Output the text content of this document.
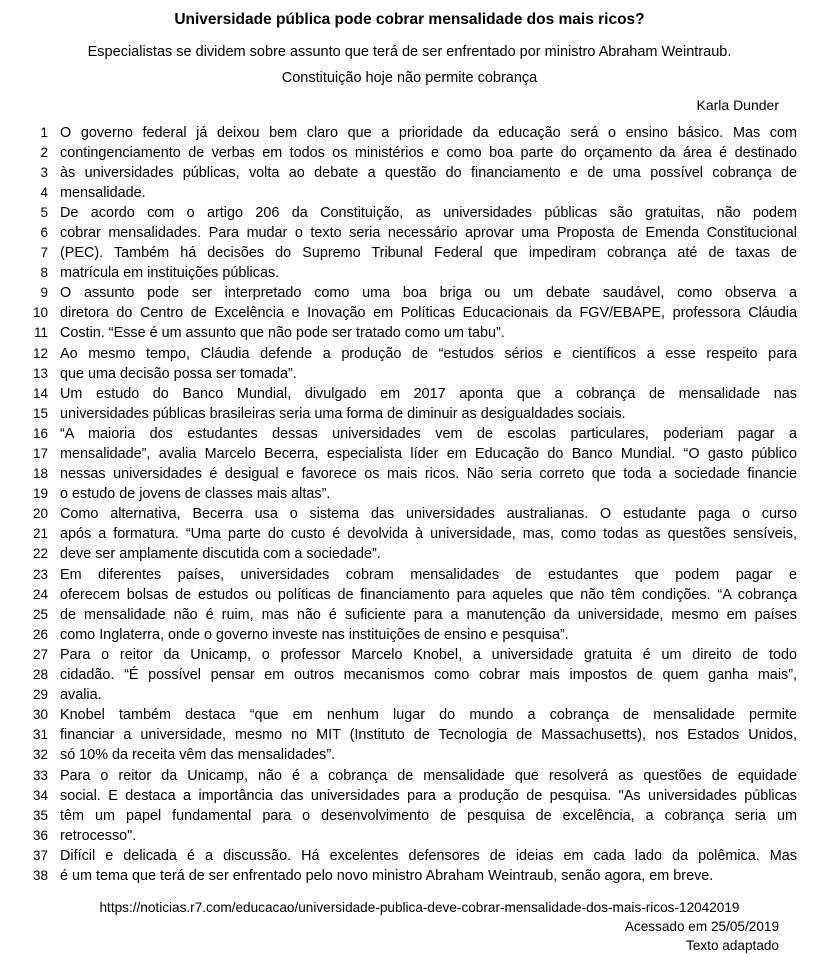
Universidade pública pode cobrar mensalidade dos mais ricos?
Especialistas se dividem sobre assunto que terá de ser enfrentado por ministro Abraham Weintraub.
Constituição hoje não permite cobrança
Karla Dunder
1
2
3
4
5
6
7
8
9
10
11
12
13
14
15
16
17
18
19
20
21
22
23
24
25
26
27
28
29
30
31
32
33
34
35
36
37
38
O governo federal já deixou bem claro que a prioridade da educação será o ensino básico. Mas com
contingenciamento de verbas em todos os ministérios e como boa parte do orçamento da área é destinado
às universidades públicas, volta ao debate a questão do financiamento e de uma possível cobrança de
mensalidade.
De acordo com o artigo 206 da Constituição, as universidades públicas são gratuitas, não podem
cobrar mensalidades. Para mudar o texto seria necessário aprovar uma Proposta de Emenda Constitucional
(PEC). Também há decisões do Supremo Tribunal Federal que impediram cobrança até de taxas de
matrícula em instituições públicas.
O assunto pode ser interpretado como uma boa briga ou um debate saudável, como observa a
diretora do Centro de Excelência e Inovação em Políticas Educacionais da FGV/EBAPE, professora Cláudia
Costin. “Esse é um assunto que não pode ser tratado como um tabu”.
Ao mesmo tempo, Cláudia defende a produção de “estudos sérios e científicos a esse respeito para
que uma decisão possa ser tomada”.
Um estudo do Banco Mundial, divulgado em 2017 aponta que a cobrança de mensalidade nas
universidades públicas brasileiras seria uma forma de diminuir as desigualdades sociais.
“A maioria dos estudantes dessas universidades vem de escolas particulares, poderiam pagar a
mensalidade”, avalia Marcelo Becerra, especialista líder em Educação do Banco Mundial. “O gasto público
nessas universidades é desigual e favorece os mais ricos. Não seria correto que toda a sociedade financie
o estudo de jovens de classes mais altas”.
Como alternativa, Becerra usa o sistema das universidades australianas. O estudante paga o curso
após a formatura. “Uma parte do custo é devolvida à universidade, mas, como todas as questões sensíveis,
deve ser amplamente discutida com a sociedade”.
Em diferentes países, universidades cobram mensalidades de estudantes que podem pagar e
oferecem bolsas de estudos ou políticas de financiamento para aqueles que não têm condições. “A cobrança
de mensalidade não é ruim, mas não é suficiente para a manutenção da universidade, mesmo em países
como Inglaterra, onde o governo investe nas instituições de ensino e pesquisa”.
Para o reitor da Unicamp, o professor Marcelo Knobel, a universidade gratuita é um direito de todo
cidadão. “É possível pensar em outros mecanismos como cobrar mais impostos de quem ganha mais”,
avalia.
Knobel também destaca “que em nenhum lugar do mundo a cobrança de mensalidade permite
financiar a universidade, mesmo no MIT (Instituto de Tecnologia de Massachusetts), nos Estados Unidos,
só 10% da receita vêm das mensalidades”.
Para o reitor da Unicamp, não é a cobrança de mensalidade que resolverá as questões de equidade
social. E destaca a importância das universidades para a produção de pesquisa. "As universidades públicas
têm um papel fundamental para o desenvolvimento de pesquisa de excelência, a cobrança seria um
retrocesso".
Difícil e delicada é a discussão. Há excelentes defensores de ideias em cada lado da polêmica. Mas
é um tema que terá de ser enfrentado pelo novo ministro Abraham Weintraub, senão agora, em breve.
https://noticias.r7.com/educacao/universidade-publica-deve-cobrar-mensalidade-dos-mais-ricos-12042019
Acessado em 25/05/2019
Texto adaptado
